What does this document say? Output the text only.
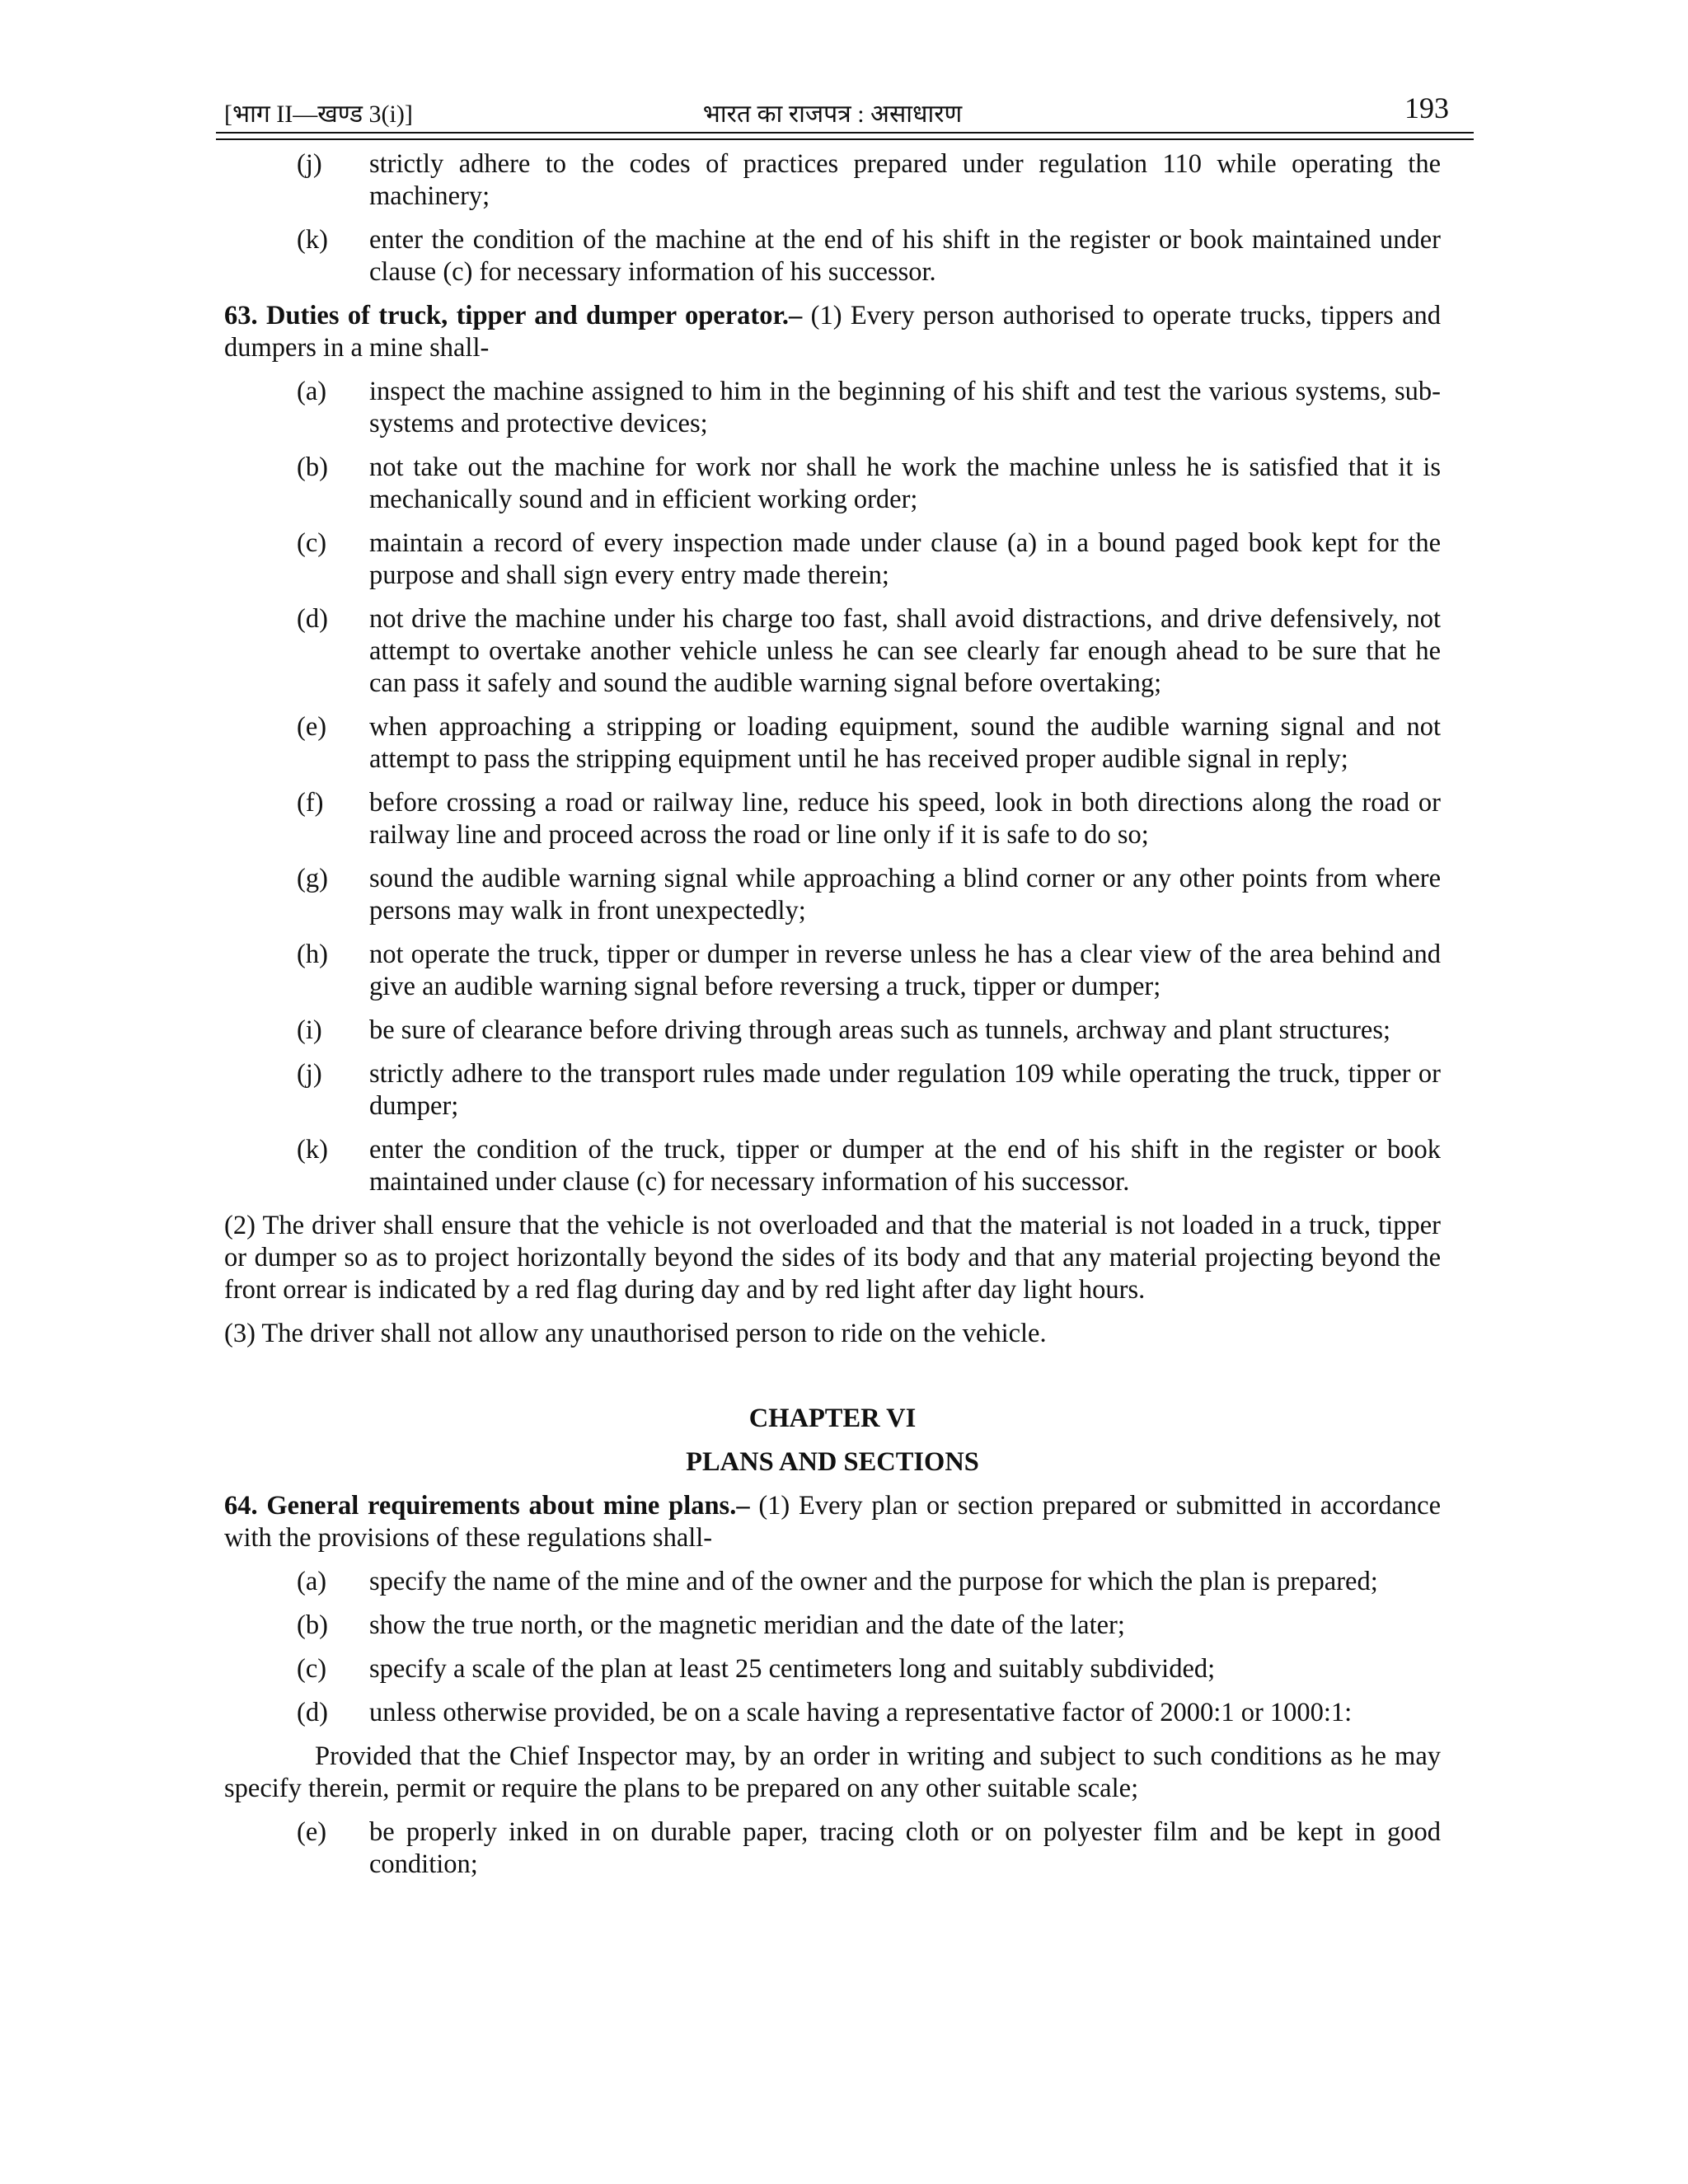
[भाग II—खण्ड 3(i)]	भारत का राजपत्र : असाधारण	193
(j) strictly adhere to the codes of practices prepared under regulation 110 while operating the machinery;
(k) enter the condition of the machine at the end of his shift in the register or book maintained under clause (c) for necessary information of his successor.
63. Duties of truck, tipper and dumper operator.– (1) Every person authorised to operate trucks, tippers and dumpers in a mine shall-
(a) inspect the machine assigned to him in the beginning of his shift and test the various systems, sub-systems and protective devices;
(b) not take out the machine for work nor shall he work the machine unless he is satisfied that it is mechanically sound and in efficient working order;
(c) maintain a record of every inspection made under clause (a) in a bound paged book kept for the purpose and shall sign every entry made therein;
(d) not drive the machine under his charge too fast, shall avoid distractions, and drive defensively, not attempt to overtake another vehicle unless he can see clearly far enough ahead to be sure that he can pass it safely and sound the audible warning signal before overtaking;
(e) when approaching a stripping or loading equipment, sound the audible warning signal and not attempt to pass the stripping equipment until he has received proper audible signal in reply;
(f) before crossing a road or railway line, reduce his speed, look in both directions along the road or railway line and proceed across the road or line only if it is safe to do so;
(g) sound the audible warning signal while approaching a blind corner or any other points from where persons may walk in front unexpectedly;
(h) not operate the truck, tipper or dumper in reverse unless he has a clear view of the area behind and give an audible warning signal before reversing a truck, tipper or dumper;
(i) be sure of clearance before driving through areas such as tunnels, archway and plant structures;
(j) strictly adhere to the transport rules made under regulation 109 while operating the truck, tipper or dumper;
(k) enter the condition of the truck, tipper or dumper at the end of his shift in the register or book maintained under clause (c) for necessary information of his successor.
(2) The driver shall ensure that the vehicle is not overloaded and that the material is not loaded in a truck, tipper or dumper so as to project horizontally beyond the sides of its body and that any material projecting beyond the front orrear is indicated by a red flag during day and by red light after day light hours.
(3) The driver shall not allow any unauthorised person to ride on the vehicle.
CHAPTER VI
PLANS AND SECTIONS
64. General requirements about mine plans.– (1) Every plan or section prepared or submitted in accordance with the provisions of these regulations shall-
(a) specify the name of the mine and of the owner and the purpose for which the plan is prepared;
(b) show the true north, or the magnetic meridian and the date of the later;
(c) specify a scale of the plan at least 25 centimeters long and suitably subdivided;
(d) unless otherwise provided, be on a scale having a representative factor of 2000:1 or 1000:1:
Provided that the Chief Inspector may, by an order in writing and subject to such conditions as he may specify therein, permit or require the plans to be prepared on any other suitable scale;
(e) be properly inked in on durable paper, tracing cloth or on polyester film and be kept in good condition;
